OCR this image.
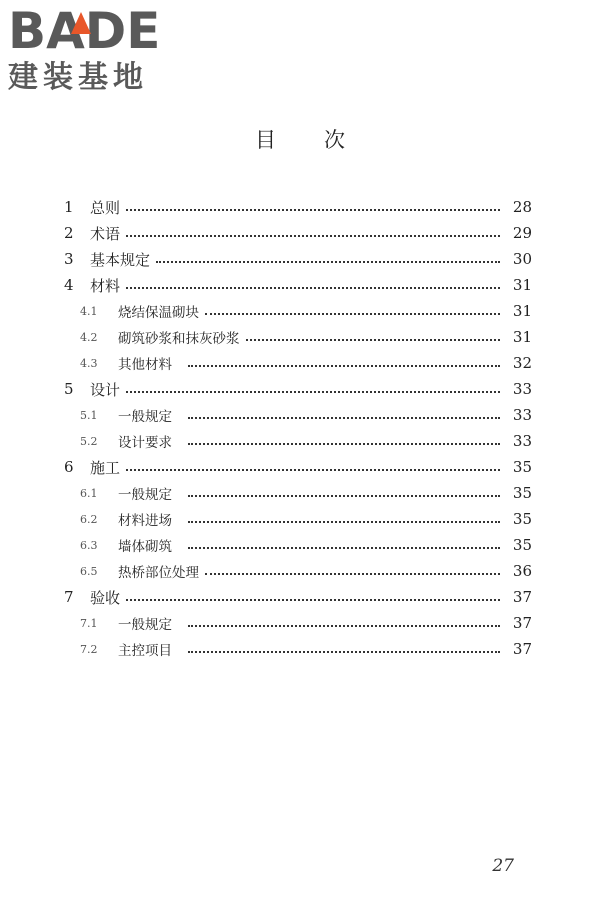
BADE
建装基地
目次
1	总则	28
2	术语	29
3	基本规定	30
4	材料	31
4.1	烧结保温砌块	31
4.2	砌筑砂浆和抹灰砂浆	31
4.3	其他材料	32
5	设计	33
5.1	一般规定	33
5.2	设计要求	33
6	施工	35
6.1	一般规定	35
6.2	材料进场	35
6.3	墙体砌筑	35
6.5	热桥部位处理	36
7	验收	37
7.1	一般规定	37
7.2	主控项目	37
27
